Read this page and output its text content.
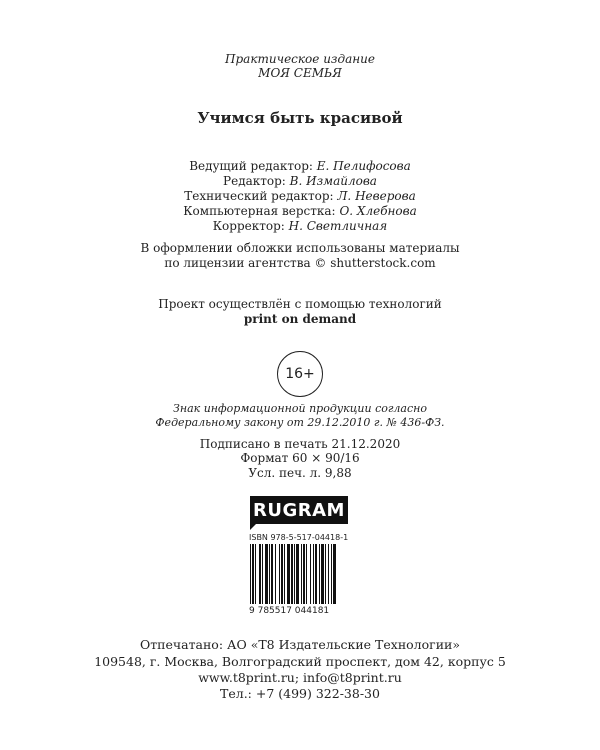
Практическое издание
МОЯ СЕМЬЯ
Учимся быть красивой
Ведущий редактор: Е. Пелифосова
Редактор: В. Измайлова
Технический редактор: Л. Неверова
Компьютерная верстка: О. Хлебнова
Корректор: Н. Светличная
В оформлении обложки использованы материалы
по лицензии агентства © shutterstock.com
Проект осуществлён с помощью технологий
print on demand
16+
Знак информационной продукции согласно
Федеральному закону от 29.12.2010 г. № 436-ФЗ.
Подписано в печать 21.12.2020
Формат 60 × 90/16
Усл. печ. л. 9,88
RUGRAM
ISBN 978-5-517-04418-1
9 785517 044181
Отпечатано: АО «Т8 Издательские Технологии»
109548, г. Москва, Волгоградский проспект, дом 42, корпус 5
www.t8print.ru; info@t8print.ru
Тел.: +7 (499) 322-38-30
